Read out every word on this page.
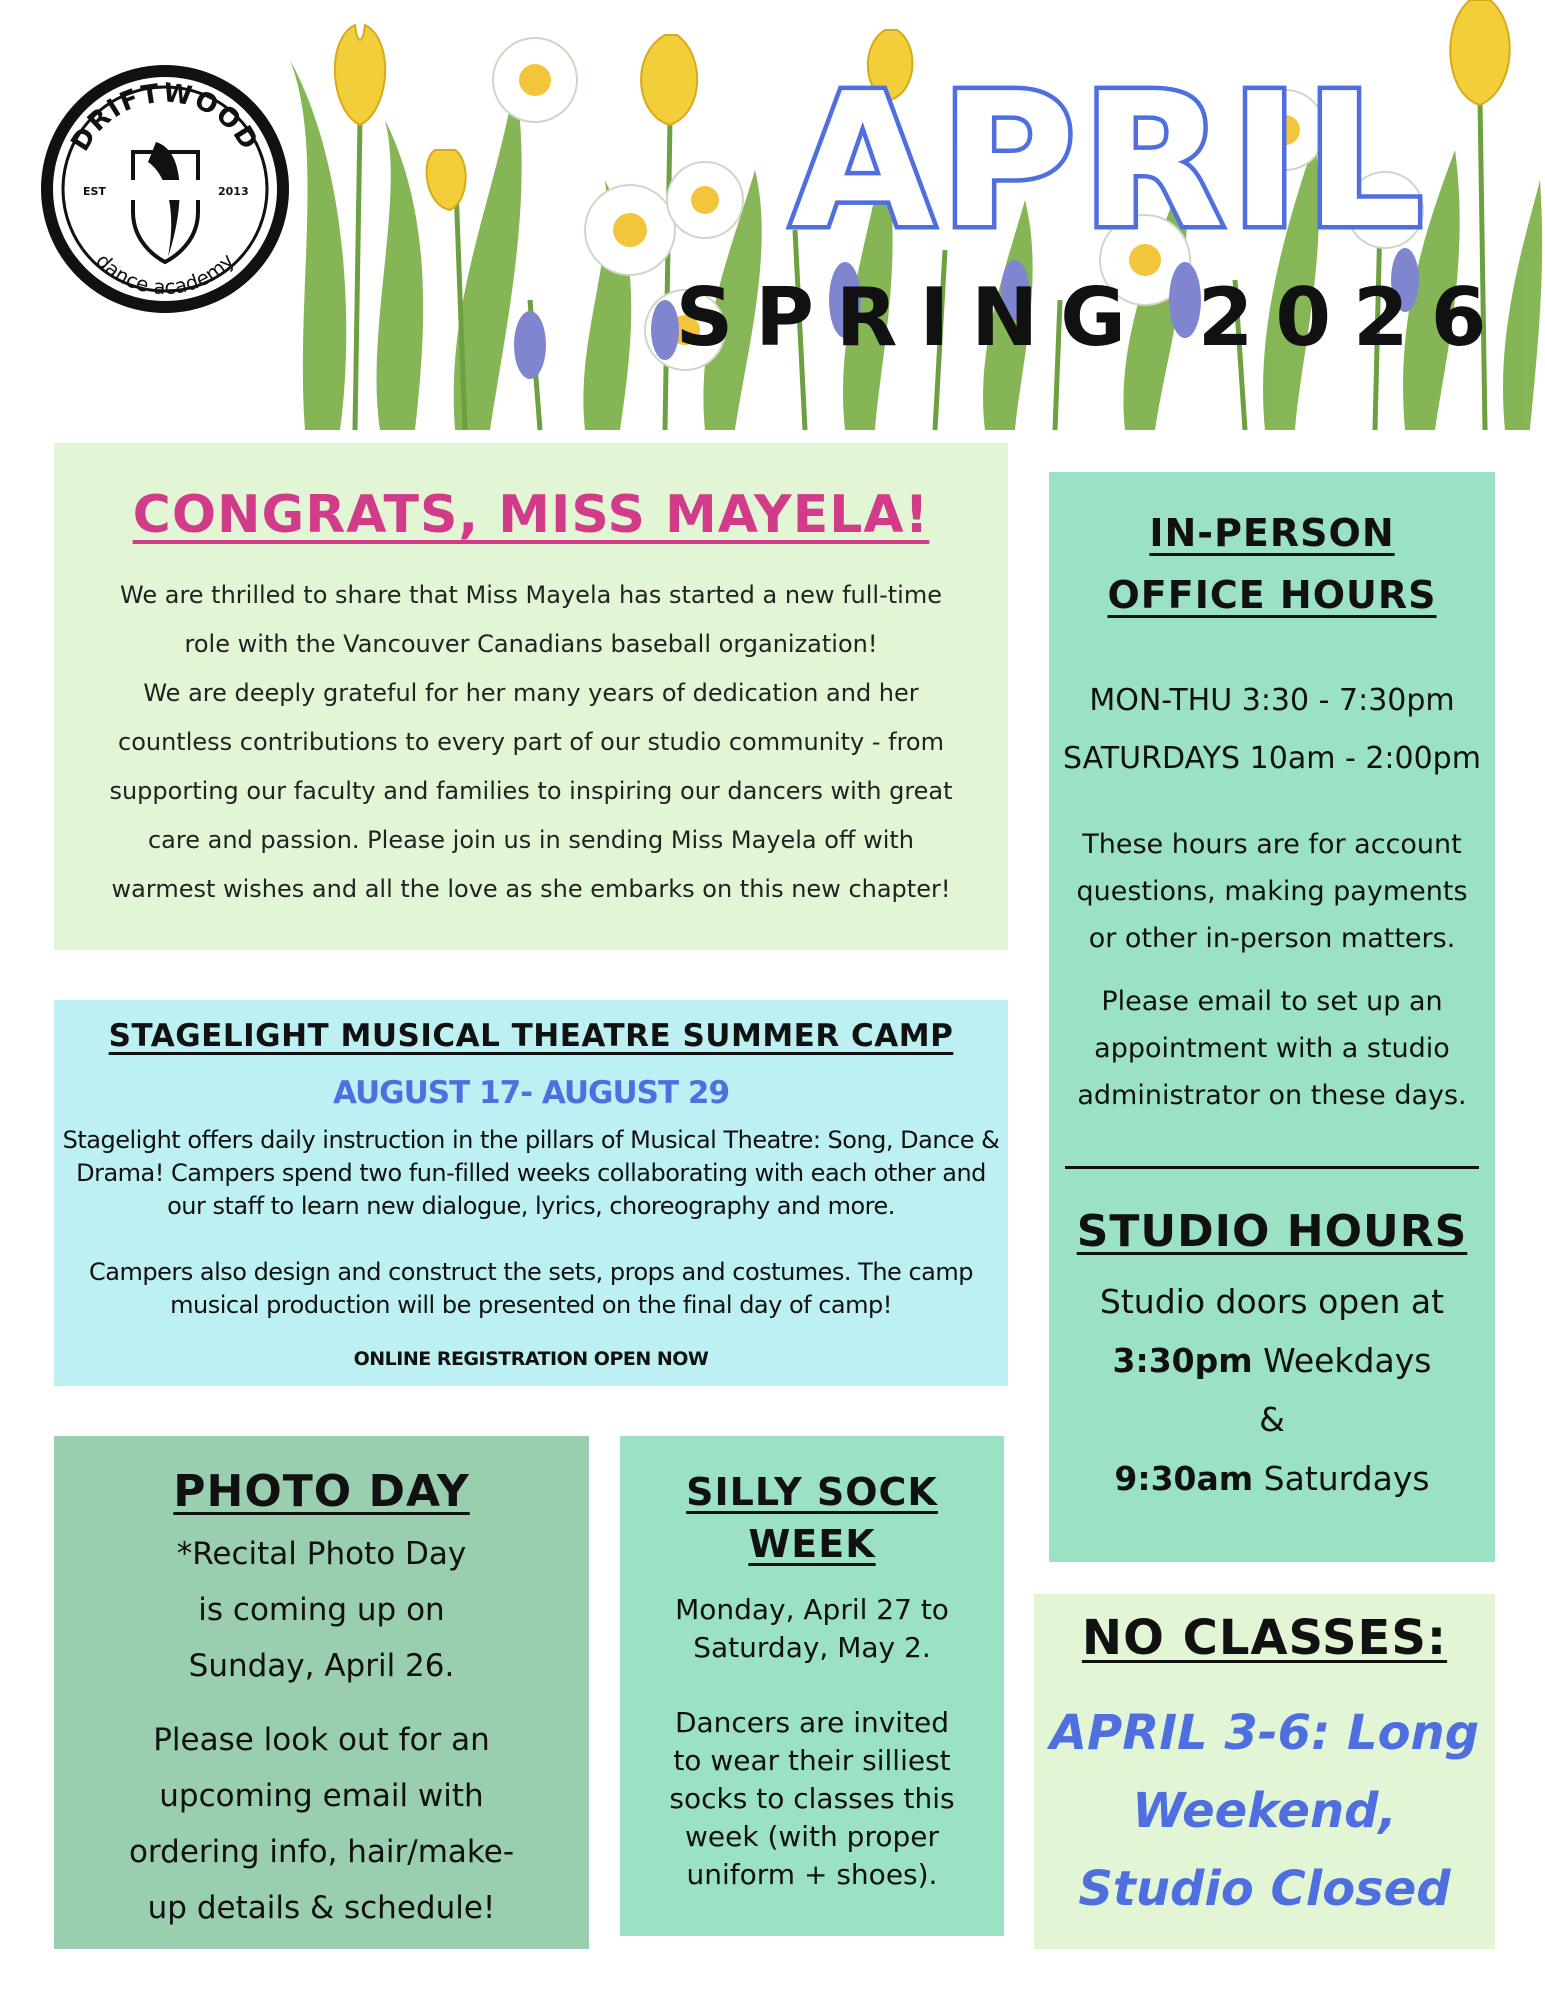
EST	2013
DRIFTWOOD
dance academy	APRIL
SPRING 2026
CONGRATS, MISS MAYELA!
We are thrilled to share that Miss Mayela has started a new full-time
role with the Vancouver Canadians baseball organization!
We are deeply grateful for her many years of dedication and her
countless contributions to every part of our studio community - from
supporting our faculty and families to inspiring our dancers with great
care and passion. Please join us in sending Miss Mayela off with
warmest wishes and all the love as she embarks on this new chapter!
STAGELIGHT MUSICAL THEATRE SUMMER CAMP
AUGUST 17- AUGUST 29
Stagelight offers daily instruction in the pillars of Musical Theatre: Song, Dance &
Drama! Campers spend two fun-filled weeks collaborating with each other and
our staff to learn new dialogue, lyrics, choreography and more.
Campers also design and construct the sets, props and costumes. The camp
musical production will be presented on the final day of camp!
ONLINE REGISTRATION OPEN NOW
PHOTO DAY
*Recital Photo Day
is coming up on
Sunday, April 26.
Please look out for an
upcoming email with
ordering info, hair/make-
up details & schedule!
SILLY SOCK
WEEK
Monday, April 27 to
Saturday, May 2.
Dancers are invited
to wear their silliest
socks to classes this
week (with proper
uniform + shoes).
IN-PERSON
OFFICE HOURS
MON-THU 3:30 - 7:30pm
SATURDAYS 10am - 2:00pm
These hours are for account
questions, making payments
or other in-person matters.
Please email to set up an
appointment with a studio
administrator on these days.
STUDIO HOURS
Studio doors open at
3:30pm Weekdays
&
9:30am Saturdays
NO CLASSES:
APRIL 3-6: Long
Weekend,
Studio Closed
